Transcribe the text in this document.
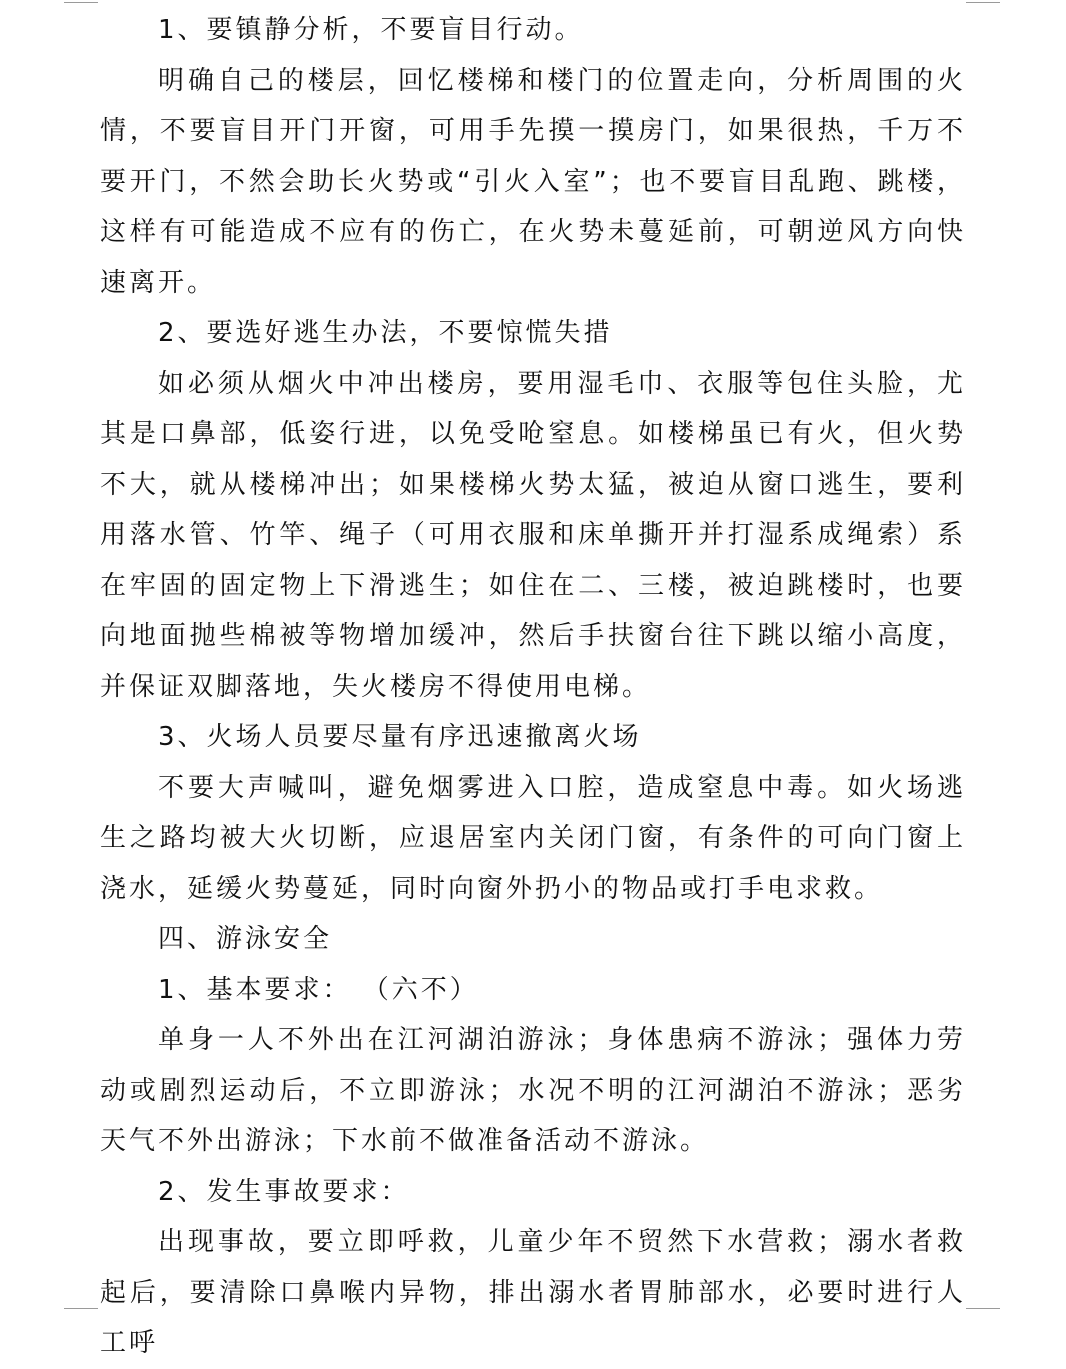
1、要镇静分析，不要盲目行动。

明确自己的楼层，回忆楼梯和楼门的位置走向，分析周围的火情，不要盲目开门开窗，可用手先摸一摸房门，如果很热，千万不要开门，不然会助长火势或“引火入室”；也不要盲目乱跑、跳楼，这样有可能造成不应有的伤亡，在火势未蔓延前，可朝逆风方向快速离开。

2、要选好逃生办法，不要惊慌失措

如必须从烟火中冲出楼房，要用湿毛巾、衣服等包住头脸，尤其是口鼻部，低姿行进，以免受呛窒息。如楼梯虽已有火，但火势不大，就从楼梯冲出；如果楼梯火势太猛，被迫从窗口逃生，要利用落水管、竹竿、绳子（可用衣服和床单撕开并打湿系成绳索）系在牢固的固定物上下滑逃生；如住在二、三楼，被迫跳楼时，也要向地面抛些棉被等物增加缓冲，然后手扶窗台往下跳以缩小高度，并保证双脚落地，失火楼房不得使用电梯。

3、火场人员要尽量有序迅速撤离火场

不要大声喊叫，避免烟雾进入口腔，造成窒息中毒。如火场逃生之路均被大火切断，应退居室内关闭门窗，有条件的可向门窗上浇水，延缓火势蔓延，同时向窗外扔小的物品或打手电求救。

四、游泳安全

1、基本要求： （六不）

单身一人不外出在江河湖泊游泳；身体患病不游泳；强体力劳动或剧烈运动后，不立即游泳；水况不明的江河湖泊不游泳；恶劣天气不外出游泳；下水前不做准备活动不游泳。

2、发生事故要求：

出现事故，要立即呼救，儿童少年不贸然下水营救；溺水者救起后，要清除口鼻喉内异物，排出溺水者胃肺部水，必要时进行人工呼
